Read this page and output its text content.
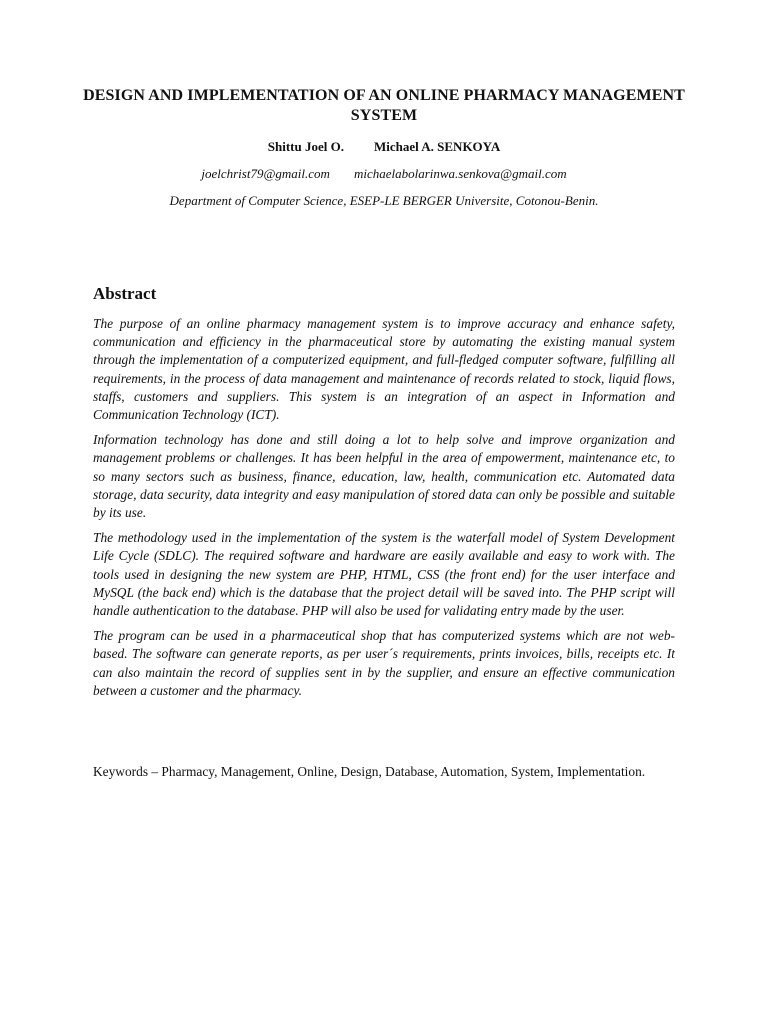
DESIGN AND IMPLEMENTATION OF AN ONLINE PHARMACY MANAGEMENT SYSTEM
Shittu Joel O. Michael A. SENKOYA
joelchrist79@gmail.com michaelabolarinwa.senkova@gmail.com
Department of Computer Science, ESEP-LE BERGER Universite, Cotonou-Benin.
Abstract

The purpose of an online pharmacy management system is to improve accuracy and enhance safety, communication and efficiency in the pharmaceutical store by automating the existing manual system through the implementation of a computerized equipment, and full-fledged computer software, fulfilling all requirements, in the process of data management and maintenance of records related to stock, liquid flows, staffs, customers and suppliers. This system is an integration of an aspect in Information and Communication Technology (ICT).

Information technology has done and still doing a lot to help solve and improve organization and management problems or challenges. It has been helpful in the area of empowerment, maintenance etc, to so many sectors such as business, finance, education, law, health, communication etc. Automated data storage, data security, data integrity and easy manipulation of stored data can only be possible and suitable by its use.

The methodology used in the implementation of the system is the waterfall model of System Development Life Cycle (SDLC). The required software and hardware are easily available and easy to work with. The tools used in designing the new system are PHP, HTML, CSS (the front end) for the user interface and MySQL (the back end) which is the database that the project detail will be saved into. The PHP script will handle authentication to the database. PHP will also be used for validating entry made by the user.

The program can be used in a pharmaceutical shop that has computerized systems which are not web-based. The software can generate reports, as per user´s requirements, prints invoices, bills, receipts etc. It can also maintain the record of supplies sent in by the supplier, and ensure an effective communication between a customer and the pharmacy.

Keywords – Pharmacy, Management, Online, Design, Database, Automation, System, Implementation.
